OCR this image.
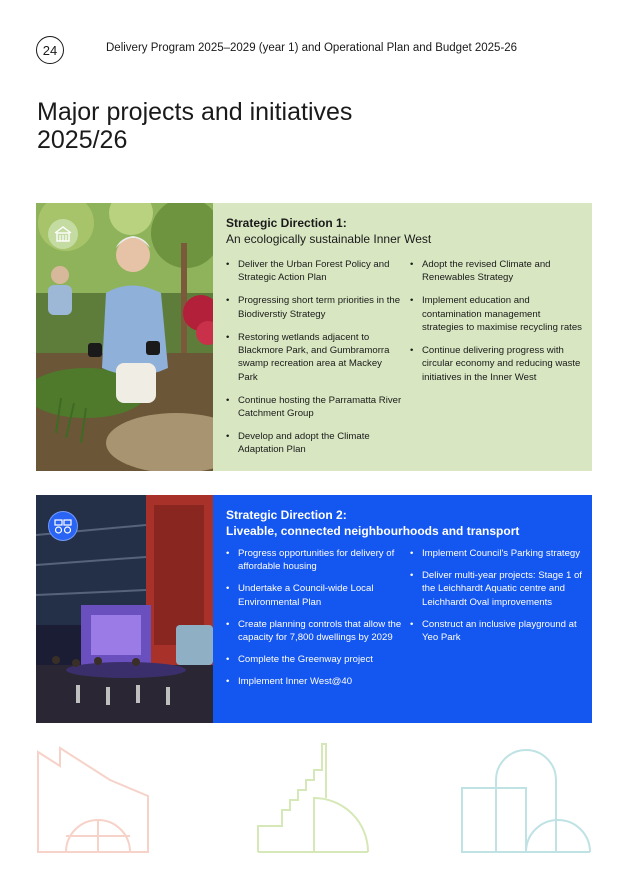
24	Delivery Program 2025–2029 (year 1) and Operational Plan and Budget 2025-26
Major projects and initiatives
2025/26
Strategic Direction 1:
An ecologically sustainable Inner West
• Deliver the Urban Forest Policy and Strategic Action Plan
• Progressing short term priorities in the Biodiverstiy Strategy
• Restoring wetlands adjacent to Blackmore Park, and Gumbramorra swamp recreation area at Mackey Park
• Continue hosting the Parramatta River Catchment Group
• Develop and adopt the Climate Adaptation Plan
• Adopt the revised Climate and Renewables Strategy
• Implement education and contamination management strategies to maximise recycling rates
• Continue delivering progress with circular economy and reducing waste initiatives in the Inner West
Strategic Direction 2:
Liveable, connected neighbourhoods and transport
• Progress opportunities for delivery of affordable housing
• Undertake a Council-wide Local Environmental Plan
• Create planning controls that allow the capacity for 7,800 dwellings by 2029
• Complete the Greenway project
• Implement Inner West@40
• Implement Council's Parking strategy
• Deliver multi-year projects: Stage 1 of the Leichhardt Aquatic centre and Leichhardt Oval improvements
• Construct an inclusive playground at Yeo Park
